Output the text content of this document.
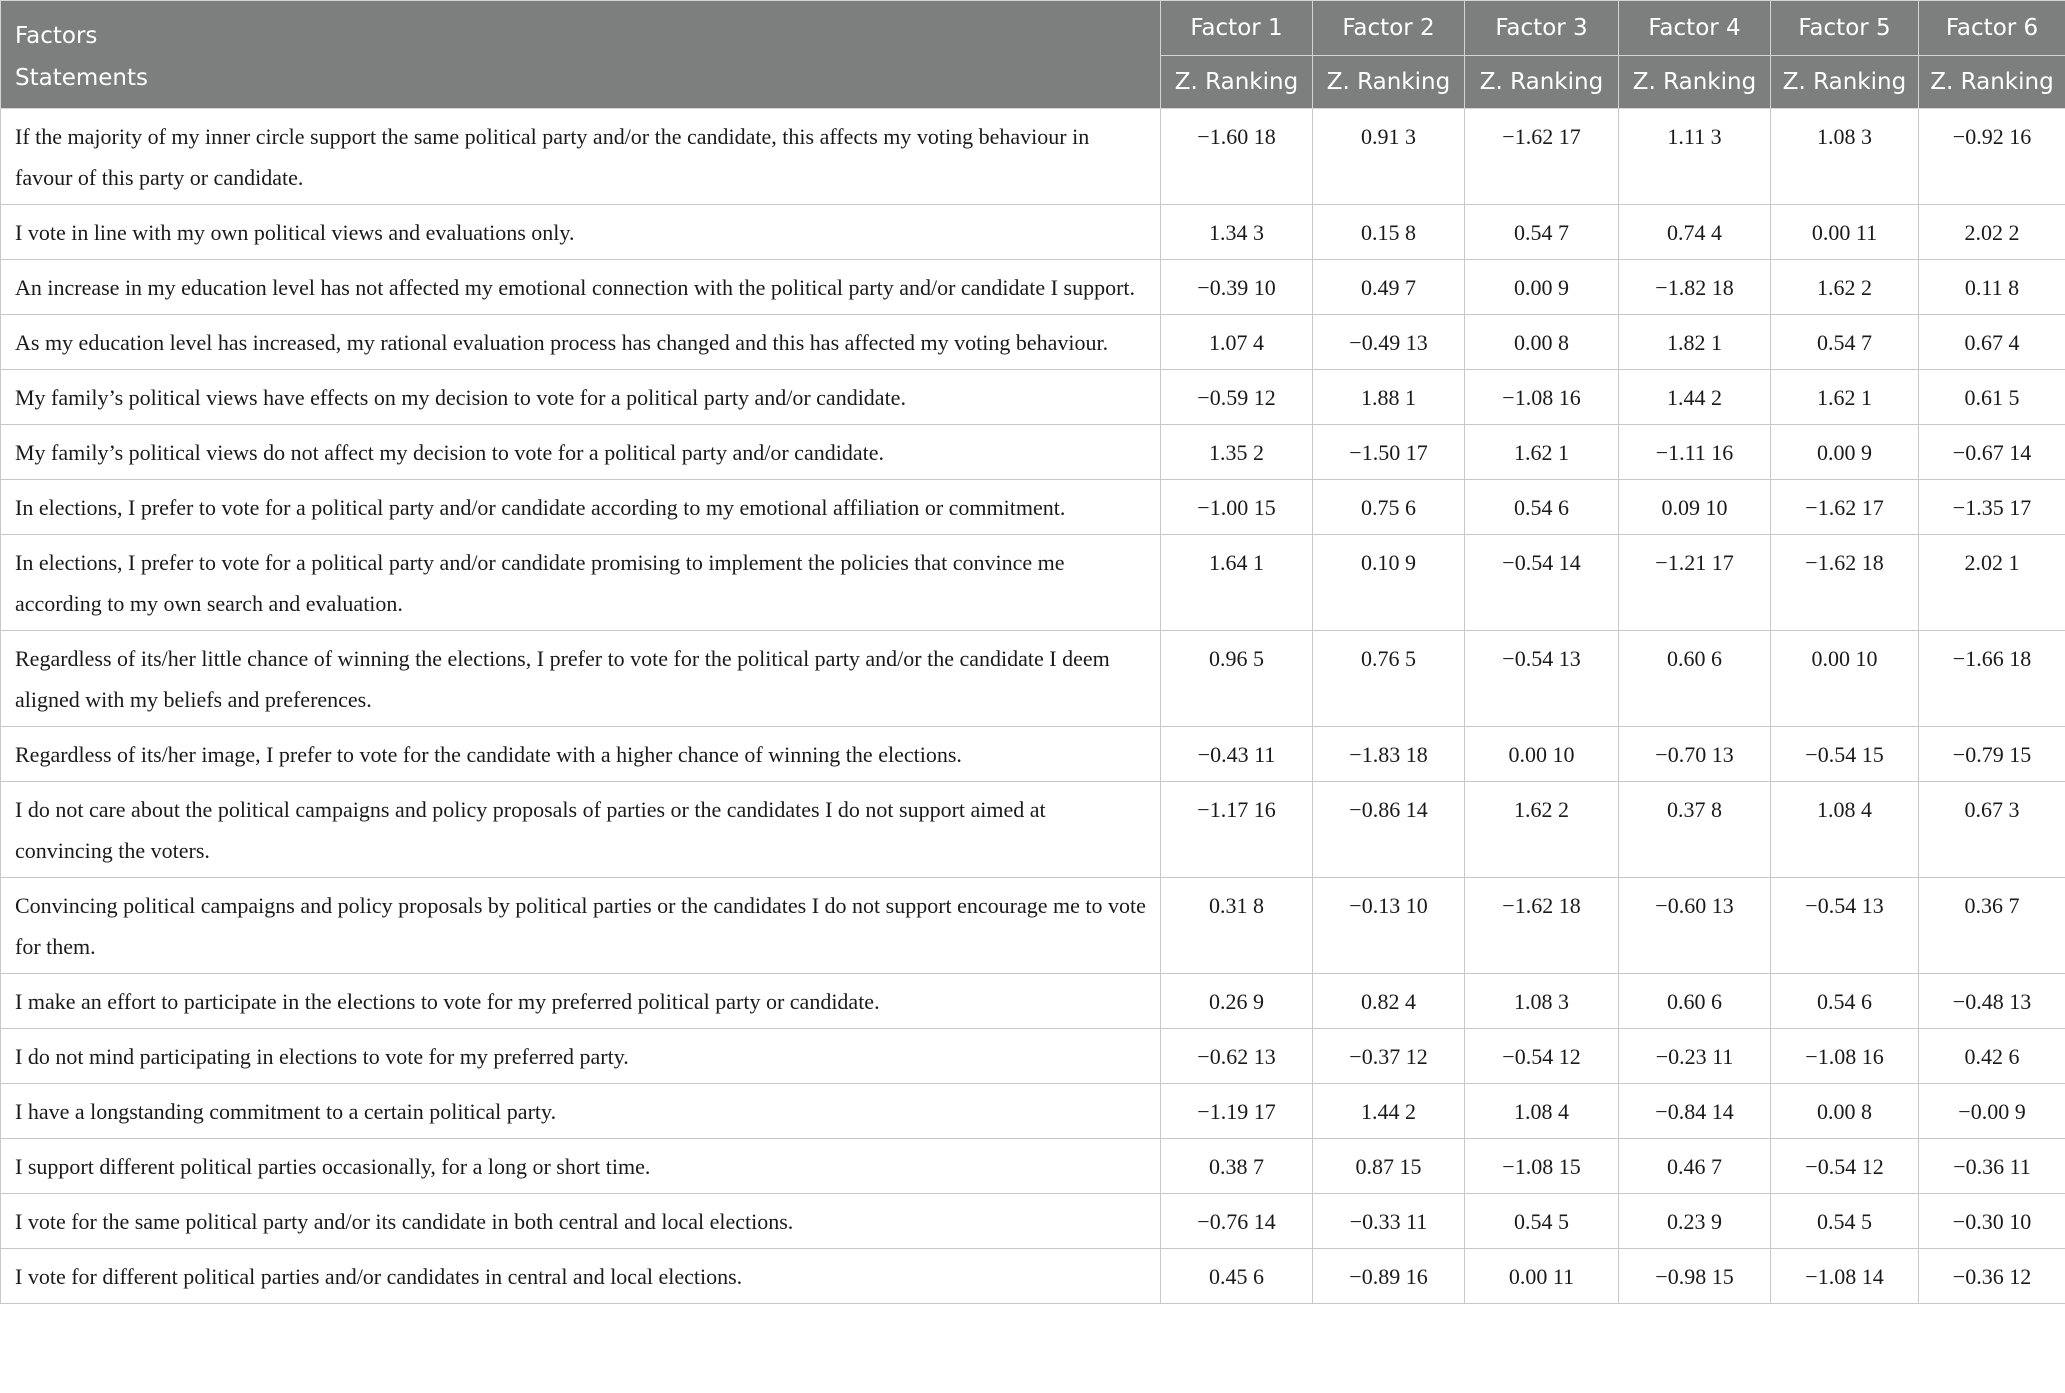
Factors
Statements	Factor 1	Factor 2	Factor 3	Factor 4	Factor 5	Factor 6
	Z. Ranking	Z. Ranking	Z. Ranking	Z. Ranking	Z. Ranking	Z. Ranking
If the majority of my inner circle support the same political party and/or the candidate, this affects my voting behaviour in favour of this party or candidate.	−1.60 18	0.91 3	−1.62 17	1.11 3	1.08 3	−0.92 16
I vote in line with my own political views and evaluations only.	1.34 3	0.15 8	0.54 7	0.74 4	0.00 11	2.02 2
An increase in my education level has not affected my emotional connection with the political party and/or candidate I support.	−0.39 10	0.49 7	0.00 9	−1.82 18	1.62 2	0.11 8
As my education level has increased, my rational evaluation process has changed and this has affected my voting behaviour.	1.07 4	−0.49 13	0.00 8	1.82 1	0.54 7	0.67 4
My family’s political views have effects on my decision to vote for a political party and/or candidate.	−0.59 12	1.88 1	−1.08 16	1.44 2	1.62 1	0.61 5
My family’s political views do not affect my decision to vote for a political party and/or candidate.	1.35 2	−1.50 17	1.62 1	−1.11 16	0.00 9	−0.67 14
In elections, I prefer to vote for a political party and/or candidate according to my emotional affiliation or commitment.	−1.00 15	0.75 6	0.54 6	0.09 10	−1.62 17	−1.35 17
In elections, I prefer to vote for a political party and/or candidate promising to implement the policies that convince me according to my own search and evaluation.	1.64 1	0.10 9	−0.54 14	−1.21 17	−1.62 18	2.02 1
Regardless of its/her little chance of winning the elections, I prefer to vote for the political party and/or the candidate I deem aligned with my beliefs and preferences.	0.96 5	0.76 5	−0.54 13	0.60 6	0.00 10	−1.66 18
Regardless of its/her image, I prefer to vote for the candidate with a higher chance of winning the elections.	−0.43 11	−1.83 18	0.00 10	−0.70 13	−0.54 15	−0.79 15
I do not care about the political campaigns and policy proposals of parties or the candidates I do not support aimed at convincing the voters.	−1.17 16	−0.86 14	1.62 2	0.37 8	1.08 4	0.67 3
Convincing political campaigns and policy proposals by political parties or the candidates I do not support encourage me to vote for them.	0.31 8	−0.13 10	−1.62 18	−0.60 13	−0.54 13	0.36 7
I make an effort to participate in the elections to vote for my preferred political party or candidate.	0.26 9	0.82 4	1.08 3	0.60 6	0.54 6	−0.48 13
I do not mind participating in elections to vote for my preferred party.	−0.62 13	−0.37 12	−0.54 12	−0.23 11	−1.08 16	0.42 6
I have a longstanding commitment to a certain political party.	−1.19 17	1.44 2	1.08 4	−0.84 14	0.00 8	−0.00 9
I support different political parties occasionally, for a long or short time.	0.38 7	0.87 15	−1.08 15	0.46 7	−0.54 12	−0.36 11
I vote for the same political party and/or its candidate in both central and local elections.	−0.76 14	−0.33 11	0.54 5	0.23 9	0.54 5	−0.30 10
I vote for different political parties and/or candidates in central and local elections.	0.45 6	−0.89 16	0.00 11	−0.98 15	−1.08 14	−0.36 12
